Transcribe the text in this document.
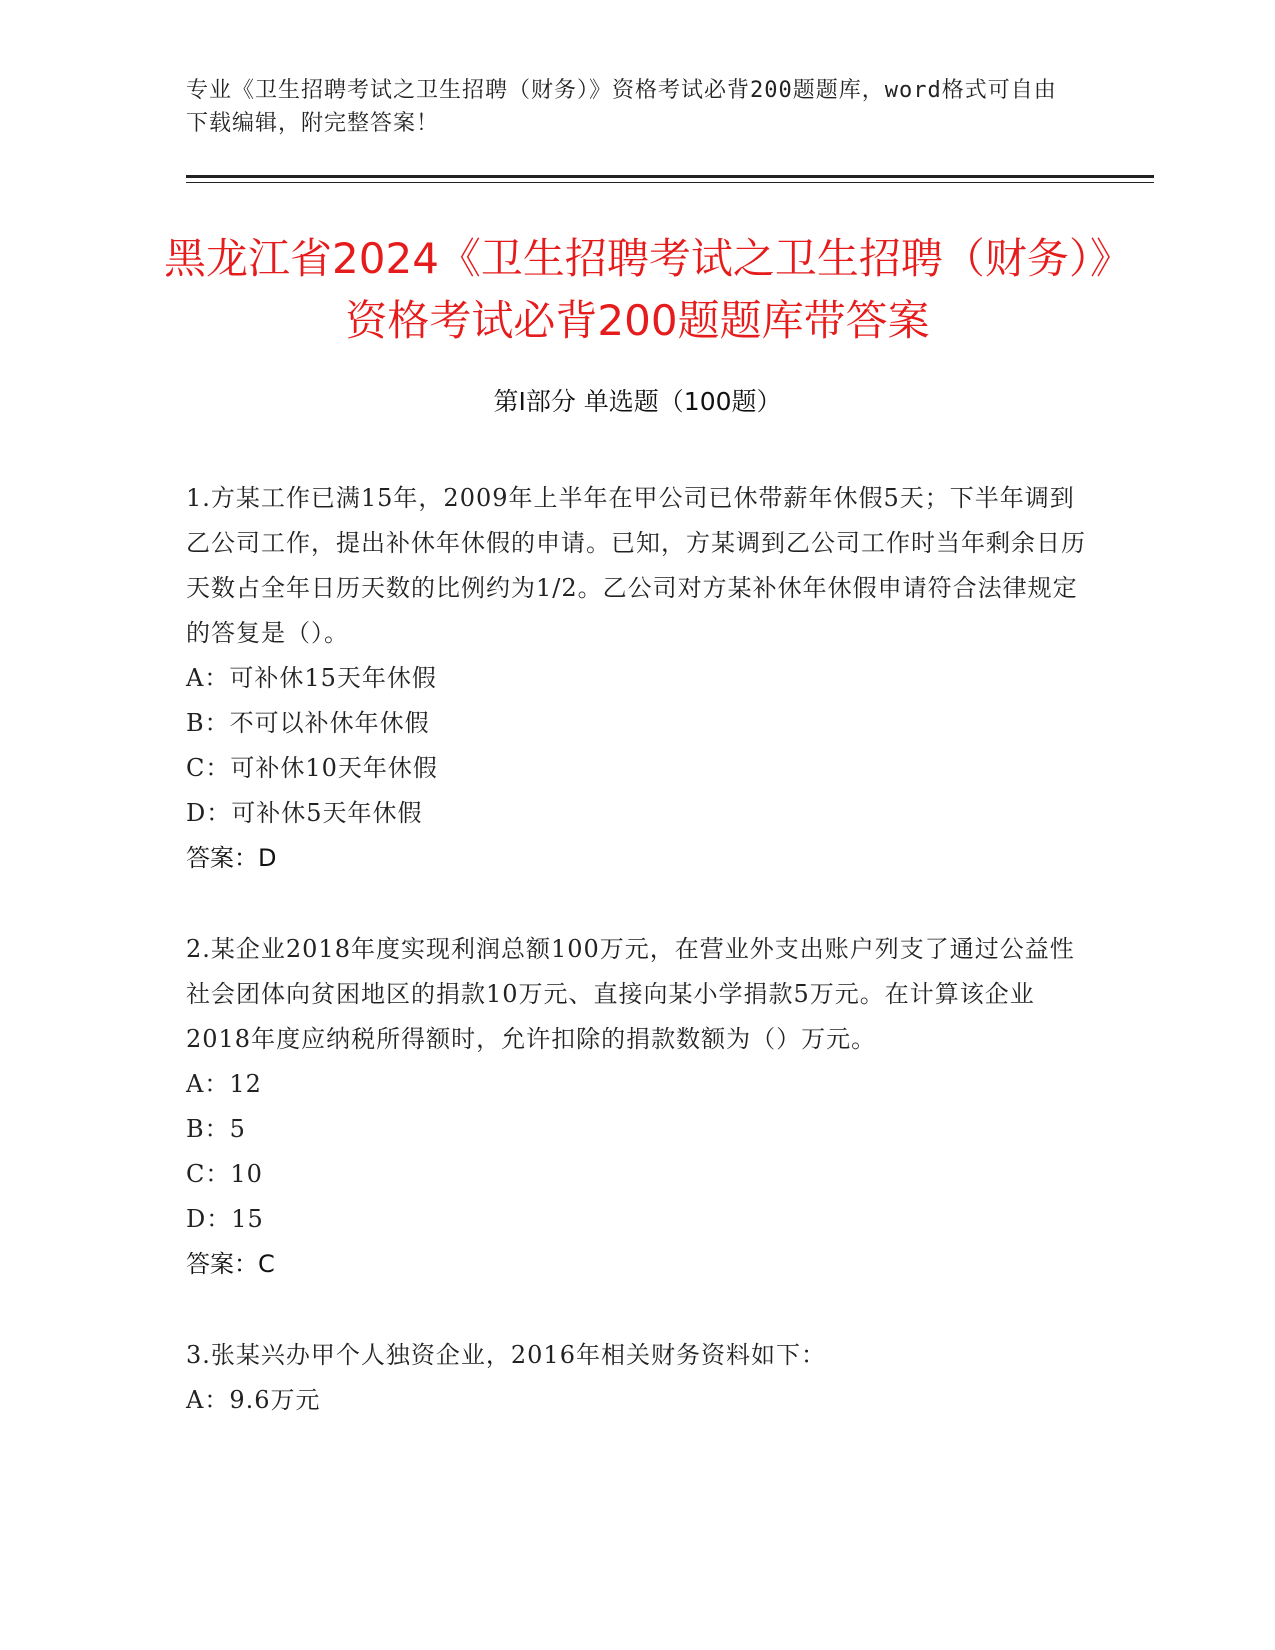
专业《卫生招聘考试之卫生招聘（财务）》资格考试必背200题题库，word格式可自由下载编辑，附完整答案！
黑龙江省2024《卫生招聘考试之卫生招聘（财务）》资格考试必背200题题库带答案
第I部分 单选题（100题）
1.方某工作已满15年，2009年上半年在甲公司已休带薪年休假5天；下半年调到乙公司工作，提出补休年休假的申请。已知，方某调到乙公司工作时当年剩余日历天数占全年日历天数的比例约为1/2。乙公司对方某补休年休假申请符合法律规定的答复是（）。
A：可补休15天年休假
B：不可以补休年休假
C：可补休10天年休假
D：可补休5天年休假
答案：D
2.某企业2018年度实现利润总额100万元，在营业外支出账户列支了通过公益性社会团体向贫困地区的捐款10万元、直接向某小学捐款5万元。在计算该企业2018年度应纳税所得额时，允许扣除的捐款数额为（）万元。
A：12
B：5
C：10
D：15
答案：C
3.张某兴办甲个人独资企业，2016年相关财务资料如下：
A：9.6万元
